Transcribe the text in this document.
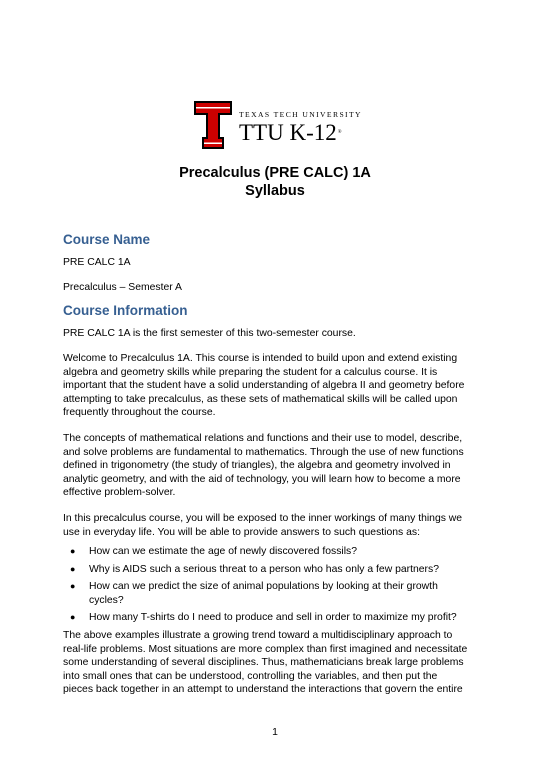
TEXAS TECH UNIVERSITY
TTU K-12®
Precalculus (PRE CALC) 1A
Syllabus
Course Name
PRE CALC 1A
Precalculus – Semester A
Course Information
PRE CALC 1A is the first semester of this two-semester course.
Welcome to Precalculus 1A. This course is intended to build upon and extend existing
algebra and geometry skills while preparing the student for a calculus course. It is
important that the student have a solid understanding of algebra II and geometry before
attempting to take precalculus, as these sets of mathematical skills will be called upon
frequently throughout the course.
The concepts of mathematical relations and functions and their use to model, describe,
and solve problems are fundamental to mathematics. Through the use of new functions
defined in trigonometry (the study of triangles), the algebra and geometry involved in
analytic geometry, and with the aid of technology, you will learn how to become a more
effective problem-solver.
In this precalculus course, you will be exposed to the inner workings of many things we
use in everyday life. You will be able to provide answers to such questions as:
● How can we estimate the age of newly discovered fossils?
● Why is AIDS such a serious threat to a person who has only a few partners?
● How can we predict the size of animal populations by looking at their growth
cycles?
● How many T-shirts do I need to produce and sell in order to maximize my profit?
The above examples illustrate a growing trend toward a multidisciplinary approach to
real-life problems. Most situations are more complex than first imagined and necessitate
some understanding of several disciplines. Thus, mathematicians break large problems
into small ones that can be understood, controlling the variables, and then put the
pieces back together in an attempt to understand the interactions that govern the entire
1
